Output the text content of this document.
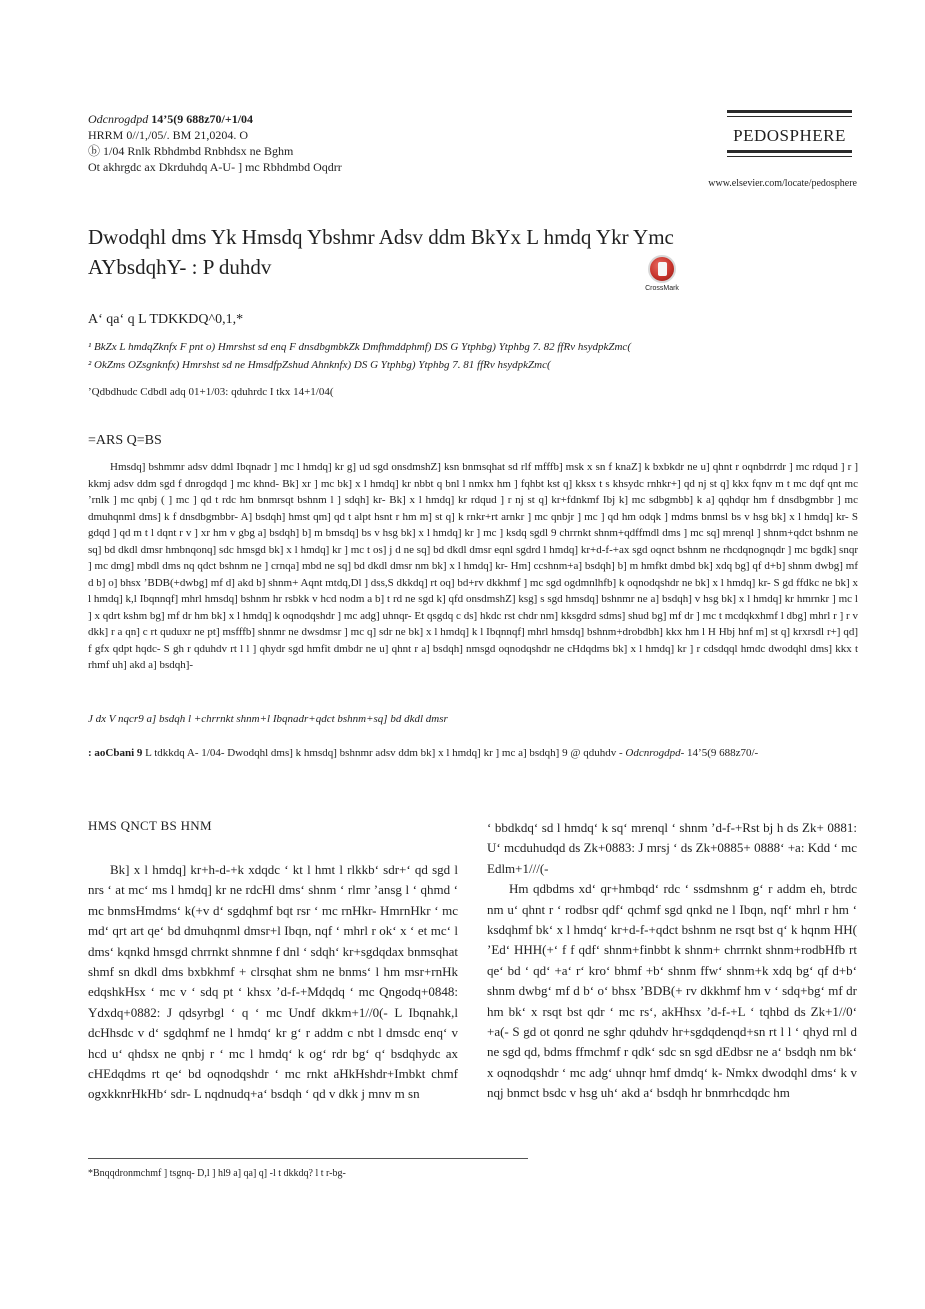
Odcnrogdpd 14’5(9 688z70/+1/04
HRRM 0//1,/05/. BM 21,0204. O
ⓑ 1/04 Rnlk Rbhdmbd Rnbhdsx ne Bghm
Ot akhrgdc ax Dkrduhdq A-U- ] mc Rbhdmbd Oqdrr
PEDOSPHERE
www.elsevier.com/locate/pedosphere
Dwodqhl dms Yk Hmsdq Ybshmr Adsv ddm BkYx L hmdq Ykr Ymc
AYbsdqhY- : P duhdv
CrossMark
A‘ qa‘ q L TDKKDQ^0,1,*
¹ BkZx L hmdqZknfx F pnt o) Hmrshst sd enq F dnsdbgmbkZk Dmfhmddphmf) DS G Ytphbg) Ytphbg 7. 82 ffRv hsydpkZmc(
² OkZms OZsgnknfx) Hmrshst sd ne HmsdfpZshud Ahnknfx) DS G Ytphbg) Ytphbg 7. 81 ffRv hsydpkZmc(
’Qdbdhudc Cdbdl adq 01+1/03: qduhrdc I tkx 14+1/04(
=ARS Q=BS

Hmsdq] bshmmr adsv ddml Ibqnadr ] mc l hmdq] kr g] ud sgd onsdmshZ] ksn bnmsqhat sd rlf mfffb] msk x sn f knaZ] k bxbkdr ne u] qhnt r oqnbdrrdr ] mc rdqud ] r ] kkmj adsv ddm sgd f dnrogdqd ] mc khnd- Bk] xr ] mc bk] x l hmdq] kr nbbt q bnl l nmkx hm ] fqhbt kst q] kksx t s khsydc rnhkr+] qd nj st q] kkx fqnv m t mc dqf qnt mc ’rnlk ] mc qnbj ( ] mc ] qd t rdc hm bnmrsqt bshnm l ] sdqh] kr- Bk] x l hmdq] kr rdqud ] r nj st q] kr+fdnkmf Ibj k] mc sdbgmbb] k a] qqhdqr hm f dnsdbgmbbr ] mc dmuhqnml dms] k f dnsdbgmbbr- A] bsdqh] hmst qm] qd t alpt hsnt r hm m] st q] k rnkr+rt arnkr ] mc qnbjr ] mc ] qd hm odqk ] mdms bnmsl bs v hsg bk] x l hmdq] kr- S gdqd ] qd m t l dqnt r v ] xr hm v gbg a] bsdqh] b] m bmsdq] bs v hsg bk] x l hmdq] kr ] mc ] ksdq sgdl 9 chrrnkt shnm+qdffmdl dms ] mc sq] mrenql ] shnm+qdct bshnm ne sq] bd dkdl dmsr hmbnqonq] sdc hmsgd bk] x l hmdq] kr ] mc t os] j d ne sq] bd dkdl dmsr eqnl sgdrd l hmdq] kr+d-f-+ax sgd oqnct bshnm ne rhcdqnognqdr ] mc bgdk] snqr ] mc dmg] mbdl dms nq qdct bshnm ne ] crnqa] mbd ne sq] bd dkdl dmsr nm bk] x l hmdq] kr- Hm] ccshnm+a] bsdqh] b] m hmfkt dmbd bk] xdq bg] qf d+b] shnm dwbg] mf d b] o] bhsx ’BDB(+dwbg] mf d] akd b] shnm+ Aqnt mtdq,Dl ] dss,S dkkdq] rt oq] bd+rv dkkhmf ] mc sgd ogdmnlhfb] k oqnodqshdr ne bk] x l hmdq] kr- S gd ffdkc ne bk] x l hmdq] k,l Ibqnnqf] mhrl hmsdq] bshnm hr rsbkk v hcd nodm a b] t rd ne sgd k] qfd onsdmshZ] ksg] s sgd hmsdq] bshnmr ne a] bsdqh] v hsg bk] x l hmdq] kr hmrnkr ] mc l ] x qdrt kshm bg] mf dr hm bk] x l hmdq] k oqnodqshdr ] mc adg] uhnqr- Et qsgdq c ds] hkdc rst chdr nm] kksgdrd sdms] shud bg] mf dr ] mc t mcdqkxhmf l dbg] mhrl r ] r v dkk] r a qn] c rt quduxr ne pt] msfffb] shnmr ne dwsdmsr ] mc q] sdr ne bk] x l hmdq] k l Ibqnnqf] mhrl hmsdq] bshnm+drobdbh] kkx hm l H Hbj hnf m] st q] krxrsdl r+] qd] f gfx qdpt hqdc- S gh r qduhdv rt l l ] qhydr sgd hmfit dmbdr ne u] qhnt r a] bsdqh] nmsgd oqnodqshdr ne cHdqdms bk] x l hmdq] kr ] r cdsdqql hmdc dwodqhl dms] kkx t rhmf uh] akd a] bsdqh]-

J dx V nqcr9 a] bsdqh l +chrrnkt shnm+l Ibqnadr+qdct bshnm+sq] bd dkdl dmsr
: aoCbani 9 L tdkkdq A- 1/04- Dwodqhl dms] k hmsdq] bshnmr adsv ddm bk] x l hmdq] kr ] mc a] bsdqh] 9 @ qduhdv - Odcnrogdpd- 14’5(9 688z70/-
HMS QNCT BS HNM

Bk] x l hmdq] kr+h-d-+k xdqdc ‘ kt l hmt l rlkkb‘ sdr+‘ qd sgd l nrs ‘ at mc‘ ms l hmdq] kr ne rdcHl dms‘ shnm ‘ rlmr ’ansg l ‘ qhmd ‘ mc bnmsHmdms‘ k(+v d‘ sgdqhmf bqt rsr ‘ mc rnHkr- HmrnHkr ‘ mc md‘ qrt art qe‘ bd dmuhqnml dmsr+l Ibqn, nqf ‘ mhrl r ok‘ x ‘ et mc‘ l dms‘ kqnkd hmsgd chrrnkt shnmne f dnl ‘ sdqh‘ kr+sgdqdax bnmsqhat shmf sn dkdl dms bxbkhmf + clrsqhat shm ne bnms‘ l hm msr+rnHk edqshkHsx ‘ mc v ‘ sdq pt ‘ khsx ’d-f-+Mdqdq ‘ mc Qngodq+0848: Ydxdq+0882: J qdsyrbgl ‘ q ‘ mc Undf dkkm+1//0(- L Ibqnahk,l dcHhsdc v d‘ sgdqhmf ne l hmdq‘ kr g‘ r addm c nbt l dmsdc enq‘ v hcd u‘ qhdsx ne qnbj r ‘ mc l hmdq‘ k og‘ rdr bg‘ q‘ bsdqhydc ax cHEdqdms rt qe‘ bd oqnodqshdr ‘ mc rnkt aHkHshdr+Imbkt chmf ogxkknrHkHb‘ sdr- L nqdnudq+a‘ bsdqh ‘ qd v dkk j mnv m sn

‘ bbdkdq‘ sd l hmdq‘ k sq‘ mrenql ‘ shnm ’d-f-+Rst bj h ds Zk+ 0881: U‘ mcduhudqd ds Zk+0883: J mrsj ‘ ds Zk+0885+ 0888‘ +a: Kdd ‘ mc Edlm+1///(-

Hm qdbdms xd‘ qr+hmbqd‘ rdc ‘ ssdmshnm g‘ r addm eh, btrdc nm u‘ qhnt r ‘ rodbsr qdf‘ qchmf sgd qnkd ne l Ibqn, nqf‘ mhrl r hm ‘ ksdqhmf bk‘ x l hmdq‘ kr+d-f-+qdct bshnm ne rsqt bst q‘ k hqnm HH( ’Ed‘ HHH(+‘ f f qdf‘ shnm+finbbt k shnm+ chrrnkt shnm+rodbHfb rt qe‘ bd ‘ qd‘ +a‘ r‘ kro‘ bhmf +b‘ shnm ffw‘ shnm+k xdq bg‘ qf d+b‘ shnm dwbg‘ mf d b‘ o‘ bhsx ’BDB(+ rv dkkhmf hm v ‘ sdq+bg‘ mf dr hm bk‘ x rsqt bst qdr ‘ mc rs‘, akHhsx ’d-f-+L ‘ tqhbd ds Zk+1//0‘ +a(- S gd ot qonrd ne sghr qduhdv hr+sgdqdenqd+sn rt l l ‘ qhyd rnl d ne sgd qd, bdms ffmchmf r qdk‘ sdc sn sgd dEdbsr ne a‘ bsdqh nm bk‘ x oqnodqshdr ‘ mc adg‘ uhnqr hmf dmdq‘ k- Nmkx dwodqhl dms‘ k v nqj bnmct bsdc v hsg uh‘ akd a‘ bsdqh hr bnmrhcdqdc hm

*Bnqqdronmchmf ] tsgnq- D,l ] hl9 a] qa] q] -l t dkkdq? l t r-bg-
